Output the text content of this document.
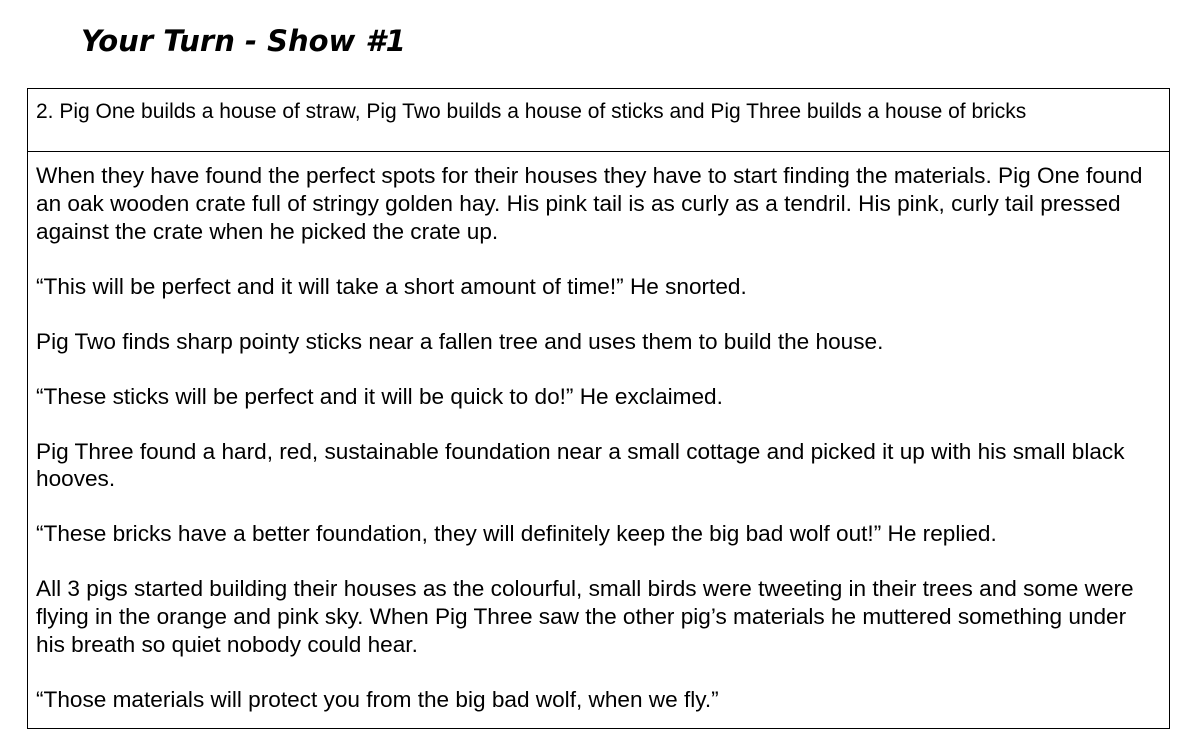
Your Turn - Show #1
2. Pig One builds a house of straw, Pig Two builds a house of sticks and Pig Three builds a house of bricks

When they have found the perfect spots for their houses they have to start finding the materials. Pig One found an oak wooden crate full of stringy golden hay. His pink tail is as curly as a tendril. His pink, curly tail pressed against the crate when he picked the crate up.

“This will be perfect and it will take a short amount of time!” He snorted.

Pig Two finds sharp pointy sticks near a fallen tree and uses them to build the house.

“These sticks will be perfect and it will be quick to do!” He exclaimed.

Pig Three found a hard, red, sustainable foundation near a small cottage and picked it up with his small black hooves.

“These bricks have a better foundation, they will definitely keep the big bad wolf out!” He replied.

All 3 pigs started building their houses as the colourful, small birds were tweeting in their trees and some were flying in the orange and pink sky. When Pig Three saw the other pig’s materials he muttered something under his breath so quiet nobody could hear.

“Those materials will protect you from the big bad wolf, when we fly.”
